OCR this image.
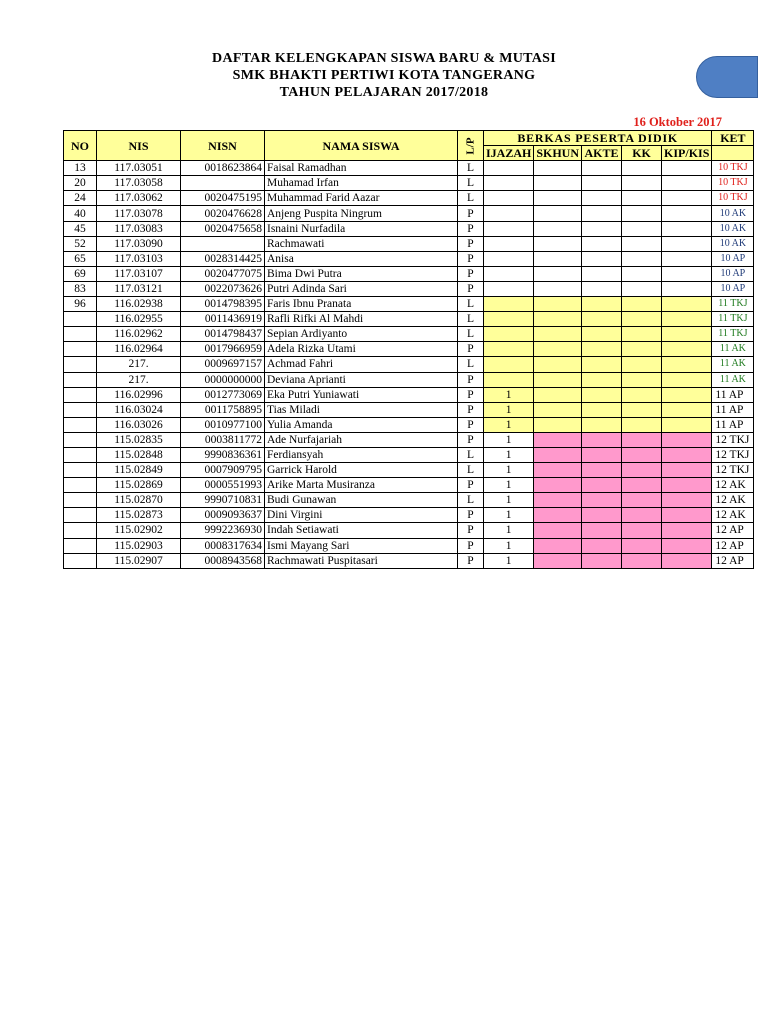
DAFTAR KELENGKAPAN SISWA BARU & MUTASI
SMK BHAKTI PERTIWI KOTA TANGERANG
TAHUN PELAJARAN 2017/2018
16 Oktober 2017
NO	NIS	NISN	NAMA SISWA	L/P	BERKAS PESERTA DIDIK					KET
					IJAZAH	SKHUN	AKTE	KK	KIP/KIS	
13	117.03051	0018623864	Faisal Ramadhan	L						10 TKJ
20	117.03058		Muhamad Irfan	L						10 TKJ
24	117.03062	0020475195	Muhammad Farid Aazar	L						10 TKJ
40	117.03078	0020476628	Anjeng Puspita Ningrum	P						10 AK
45	117.03083	0020475658	Isnaini Nurfadila	P						10 AK
52	117.03090		Rachmawati	P						10 AK
65	117.03103	0028314425	Anisa	P						10 AP
69	117.03107	0020477075	Bima Dwi Putra	P						10 AP
83	117.03121	0022073626	Putri Adinda Sari	P						10 AP
96	116.02938	0014798395	Faris Ibnu Pranata	L						11 TKJ
	116.02955	0011436919	Rafli Rifki Al Mahdi	L						11 TKJ
	116.02962	0014798437	Sepian Ardiyanto	L						11 TKJ
	116.02964	0017966959	Adela Rizka Utami	P						11 AK
	217.	0009697157	Achmad Fahri	L						11 AK
	217.	0000000000	Deviana Aprianti	P						11 AK
	116.02996	0012773069	Eka Putri Yuniawati	P	1					11 AP
	116.03024	0011758895	Tias Miladi	P	1					11 AP
	116.03026	0010977100	Yulia Amanda	P	1					11 AP
	115.02835	0003811772	Ade Nurfajariah	P	1					12 TKJ
	115.02848	9990836361	Ferdiansyah	L	1					12 TKJ
	115.02849	0007909795	Garrick Harold	L	1					12 TKJ
	115.02869	0000551993	Arike Marta Musiranza	P	1					12 AK
	115.02870	9990710831	Budi Gunawan	L	1					12 AK
	115.02873	0009093637	Dini Virgini	P	1					12 AK
	115.02902	9992236930	Indah Setiawati	P	1					12 AP
	115.02903	0008317634	Ismi Mayang Sari	P	1					12 AP
	115.02907	0008943568	Rachmawati Puspitasari	P	1					12 AP
